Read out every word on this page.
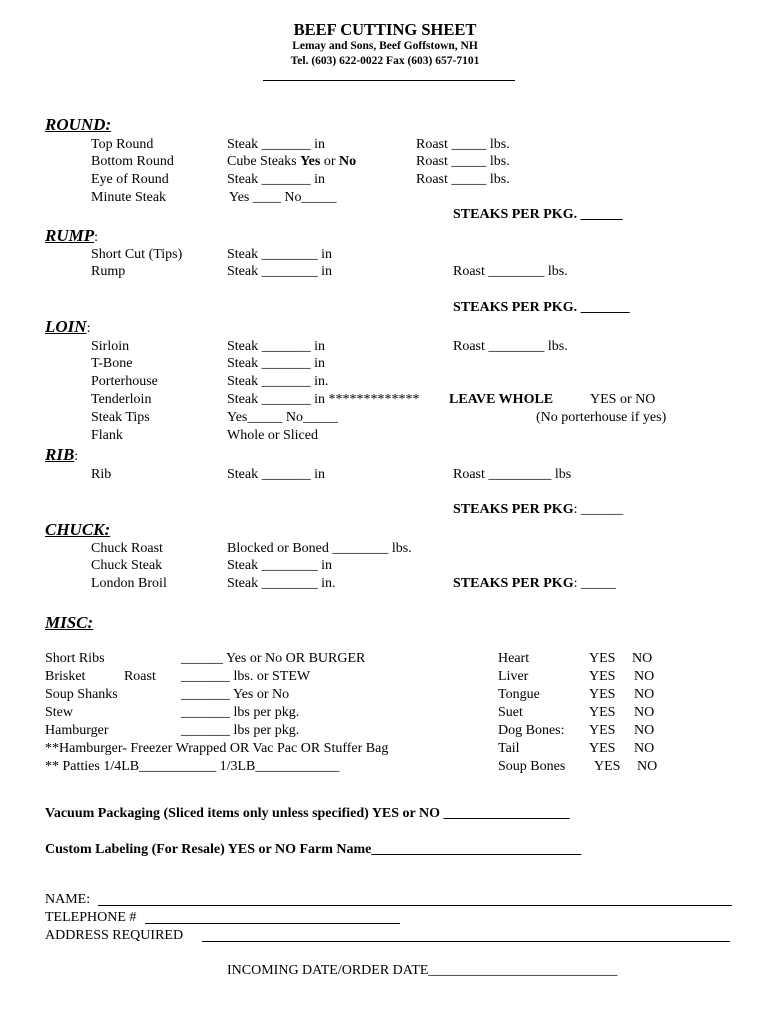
BEEF CUTTING SHEET
Lemay and Sons, Beef Goffstown, NH
Tel. (603) 622-0022 Fax (603) 657-7101
ROUND:
Top Round	Steak _______ in	Roast _____ lbs.
Bottom Round	Cube Steaks Yes or No	Roast _____ lbs.
Eye of Round	Steak _______ in	Roast _____ lbs.
Minute Steak	Yes ____ No_____
STEAKS PER PKG. ______
RUMP:
Short Cut (Tips)	Steak ________ in
Rump	Steak ________ in	Roast ________ lbs.
STEAKS PER PKG. _______
LOIN:
Sirloin	Steak _______ in	Roast ________ lbs.
T-Bone	Steak _______ in
Porterhouse	Steak _______ in.
Tenderloin	Steak _______ in ************* LEAVE WHOLE	YES or NO
Steak Tips	Yes_____ No_____	(No porterhouse if yes)
Flank	Whole or Sliced
RIB:
Rib	Steak _______ in	Roast _________ lbs
STEAKS PER PKG: ______
CHUCK:
Chuck Roast	Blocked or Boned ________ lbs.
Chuck Steak	Steak ________ in
London Broil	Steak ________ in.	STEAKS PER PKG: _____
MISC:
Short Ribs	______ Yes or No OR BURGER
Brisket           Roast _______ lbs. or STEW
Soup Shanks	_______ Yes or No
Stew	_______ lbs per pkg.
Hamburger	_______ lbs per pkg.
**Hamburger- Freezer Wrapped OR Vac Pac OR Stuffer Bag
** Patties 1/4LB___________ 1/3LB____________
Heart	YES NO
Liver	YES NO
Tongue	YES NO
Suet	YES NO
Dog Bones: YES NO
Tail	YES NO
Soup Bones YES NO
Vacuum Packaging (Sliced items only unless specified) YES or NO __________________
Custom Labeling (For Resale) YES or NO Farm Name______________________________
NAME:
TELEPHONE #
ADDRESS REQUIRED
INCOMING DATE/ORDER DATE___________________________
